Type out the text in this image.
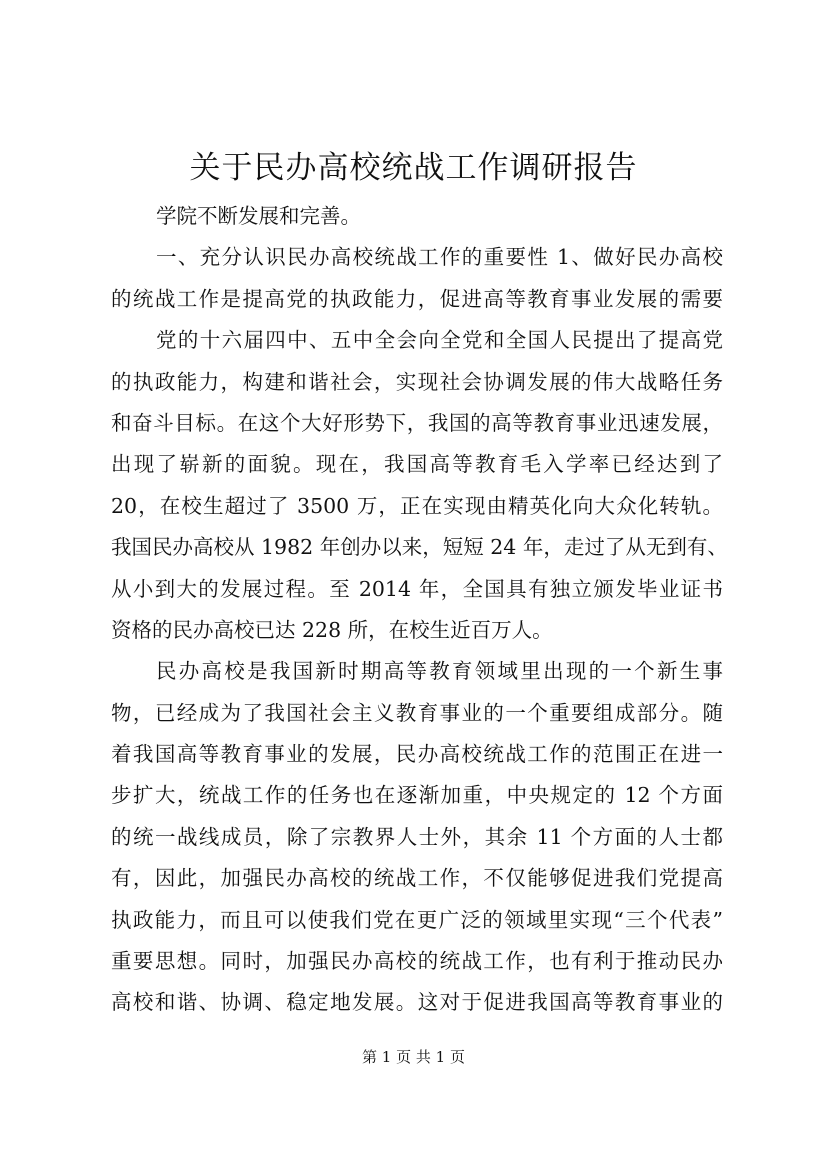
关于民办高校统战工作调研报告
学院不断发展和完善。
一、充分认识民办高校统战工作的重要性 1、做好民办高校
的统战工作是提高党的执政能力，促进高等教育事业发展的需要
党的十六届四中、五中全会向全党和全国人民提出了提高党
的执政能力，构建和谐社会，实现社会协调发展的伟大战略任务
和奋斗目标。在这个大好形势下，我国的高等教育事业迅速发展，
出现了崭新的面貌。现在，我国高等教育毛入学率已经达到了
20，在校生超过了 3500 万，正在实现由精英化向大众化转轨。
我国民办高校从 1982 年创办以来，短短 24 年，走过了从无到有、
从小到大的发展过程。至 2014 年，全国具有独立颁发毕业证书
资格的民办高校已达 228 所，在校生近百万人。
民办高校是我国新时期高等教育领域里出现的一个新生事
物，已经成为了我国社会主义教育事业的一个重要组成部分。随
着我国高等教育事业的发展，民办高校统战工作的范围正在进一
步扩大，统战工作的任务也在逐渐加重，中央规定的 12 个方面
的统一战线成员，除了宗教界人士外，其余 11 个方面的人士都
有，因此，加强民办高校的统战工作，不仅能够促进我们党提高
执政能力，而且可以使我们党在更广泛的领域里实现“三个代表”
重要思想。同时，加强民办高校的统战工作，也有利于推动民办
高校和谐、协调、稳定地发展。这对于促进我国高等教育事业的
第 1 页 共 1 页
